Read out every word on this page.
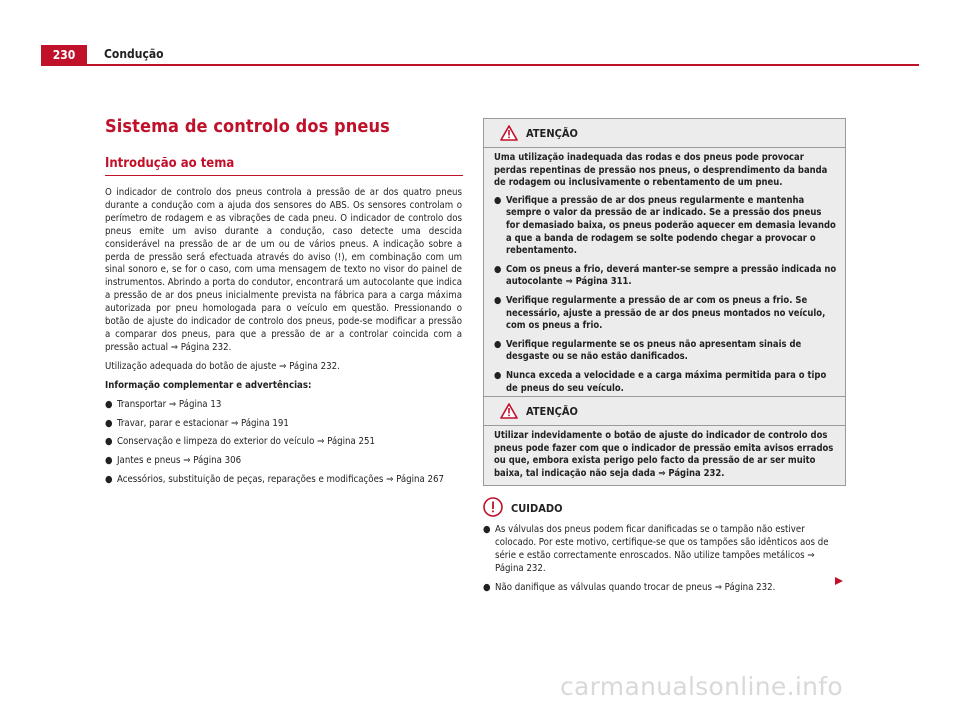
230	Condução
Sistema de controlo dos pneus
Introdução ao tema

O indicador de controlo dos pneus controla a pressão de ar dos quatro pneus durante a condução com a ajuda dos sensores do ABS. Os sensores controlam o perímetro de rodagem e as vibrações de cada pneu. O indicador de controlo dos pneus emite um aviso durante a condução, caso detecte uma descida considerável na pressão de ar de um ou de vários pneus. A indicação sobre a perda de pressão será efectuada através do aviso (!), em combinação com um sinal sonoro e, se for o caso, com uma mensagem de texto no visor do painel de instrumentos. Abrindo a porta do condutor, encontrará um autocolante que indica a pressão de ar dos pneus inicialmente prevista na fábrica para a carga máxima autorizada por pneu homologada para o veículo em questão. Pressionando o botão de ajuste do indicador de controlo dos pneus, pode-se modificar a pressão a comparar dos pneus, para que a pressão de ar a controlar coincida com a pressão actual ⇒ Página 232.

Utilização adequada do botão de ajuste ⇒ Página 232.

Informação complementar e advertências:

● Transportar ⇒ Página 13
● Travar, parar e estacionar ⇒ Página 191
● Conservação e limpeza do exterior do veículo ⇒ Página 251
● Jantes e pneus ⇒ Página 306
● Acessórios, substituição de peças, reparações e modificações ⇒ Página 267
ATENÇÃO

Uma utilização inadequada das rodas e dos pneus pode provocar perdas repentinas de pressão nos pneus, o desprendimento da banda de rodagem ou inclusivamente o rebentamento de um pneu.

● Verifique a pressão de ar dos pneus regularmente e mantenha sempre o valor da pressão de ar indicado. Se a pressão dos pneus for demasiado baixa, os pneus poderão aquecer em demasia levando a que a banda de rodagem se solte podendo chegar a provocar o rebentamento.
● Com os pneus a frio, deverá manter-se sempre a pressão indicada no autocolante ⇒ Página 311.
● Verifique regularmente a pressão de ar com os pneus a frio. Se necessário, ajuste a pressão de ar dos pneus montados no veículo, com os pneus a frio.
● Verifique regularmente se os pneus não apresentam sinais de desgaste ou se não estão danificados.
● Nunca exceda a velocidade e a carga máxima permitida para o tipo de pneus do seu veículo.
ATENÇÃO

Utilizar indevidamente o botão de ajuste do indicador de controlo dos pneus pode fazer com que o indicador de pressão emita avisos errados ou que, embora exista perigo pelo facto da pressão de ar ser muito baixa, tal indicação não seja dada ⇒ Página 232.

CUIDADO
● As válvulas dos pneus podem ficar danificadas se o tampão não estiver colocado. Por este motivo, certifique-se que os tampões são idênticos aos de série e estão correctamente enroscados. Não utilize tampões metálicos ⇒ Página 232.
● Não danifique as válvulas quando trocar de pneus ⇒ Página 232.
carmanualsonline.info
